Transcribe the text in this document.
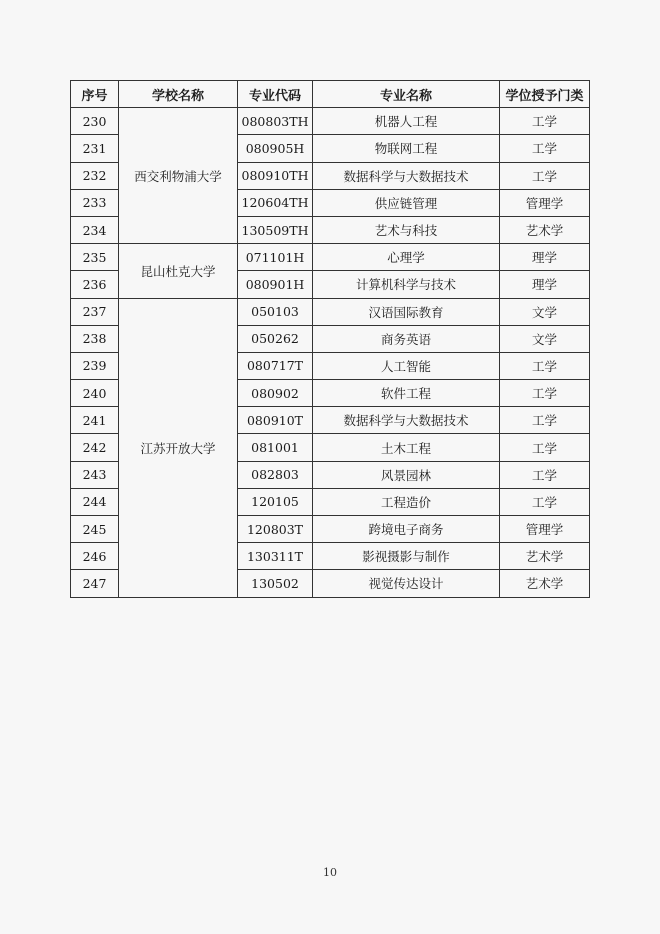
序号	学校名称	专业代码	专业名称	学位授予门类
230	西交利物浦大学	080803TH	机器人工程	工学
231		080905H	物联网工程	工学
232		080910TH	数据科学与大数据技术	工学
233		120604TH	供应链管理	管理学
234		130509TH	艺术与科技	艺术学
235	昆山杜克大学	071101H	心理学	理学
236		080901H	计算机科学与技术	理学
237	江苏开放大学	050103	汉语国际教育	文学
238		050262	商务英语	文学
239		080717T	人工智能	工学
240		080902	软件工程	工学
241		080910T	数据科学与大数据技术	工学
242		081001	土木工程	工学
243		082803	风景园林	工学
244		120105	工程造价	工学
245		120803T	跨境电子商务	管理学
246		130311T	影视摄影与制作	艺术学
247		130502	视觉传达设计	艺术学
10
